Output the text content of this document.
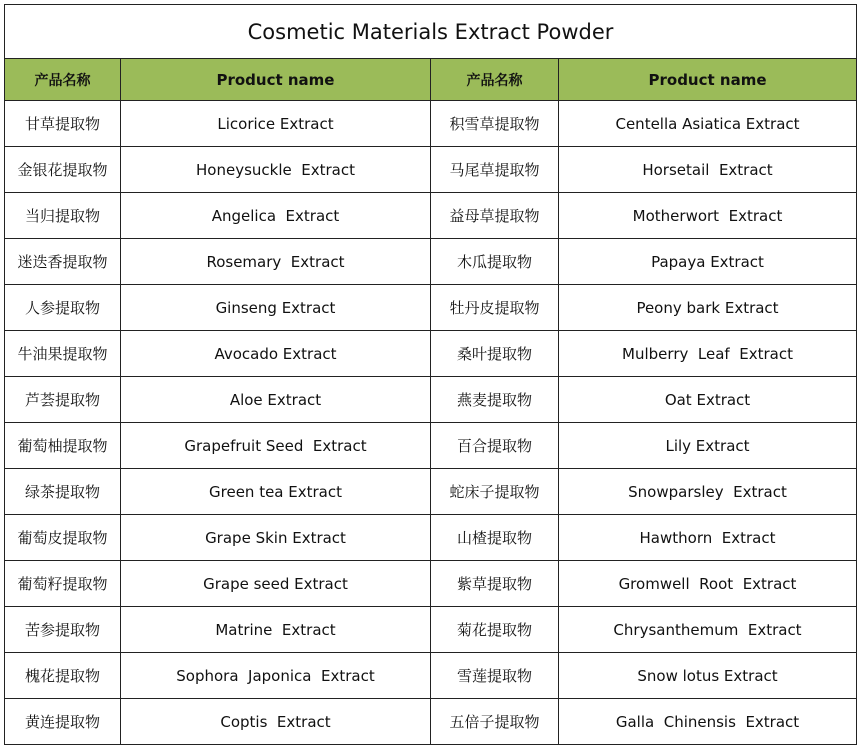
Cosmetic Materials Extract Powder			
产品名称	Product name	产品名称	Product name
甘草提取物	Licorice Extract	积雪草提取物	Centella Asiatica Extract
金银花提取物	Honeysuckle  Extract	马尾草提取物	Horsetail  Extract
当归提取物	Angelica  Extract	益母草提取物	Motherwort  Extract
迷迭香提取物	Rosemary  Extract	木瓜提取物	Papaya Extract
人参提取物	Ginseng Extract	牡丹皮提取物	Peony bark Extract
牛油果提取物	Avocado Extract	桑叶提取物	Mulberry  Leaf  Extract
芦荟提取物	Aloe Extract	燕麦提取物	Oat Extract
葡萄柚提取物	Grapefruit Seed  Extract	百合提取物	Lily Extract
绿茶提取物	Green tea Extract	蛇床子提取物	Snowparsley  Extract
葡萄皮提取物	Grape Skin Extract	山楂提取物	Hawthorn  Extract
葡萄籽提取物	Grape seed Extract	紫草提取物	Gromwell  Root  Extract
苦参提取物	Matrine  Extract	菊花提取物	Chrysanthemum  Extract
槐花提取物	Sophora  Japonica  Extract	雪莲提取物	Snow lotus Extract
黄连提取物	Coptis  Extract	五倍子提取物	Galla  Chinensis  Extract
